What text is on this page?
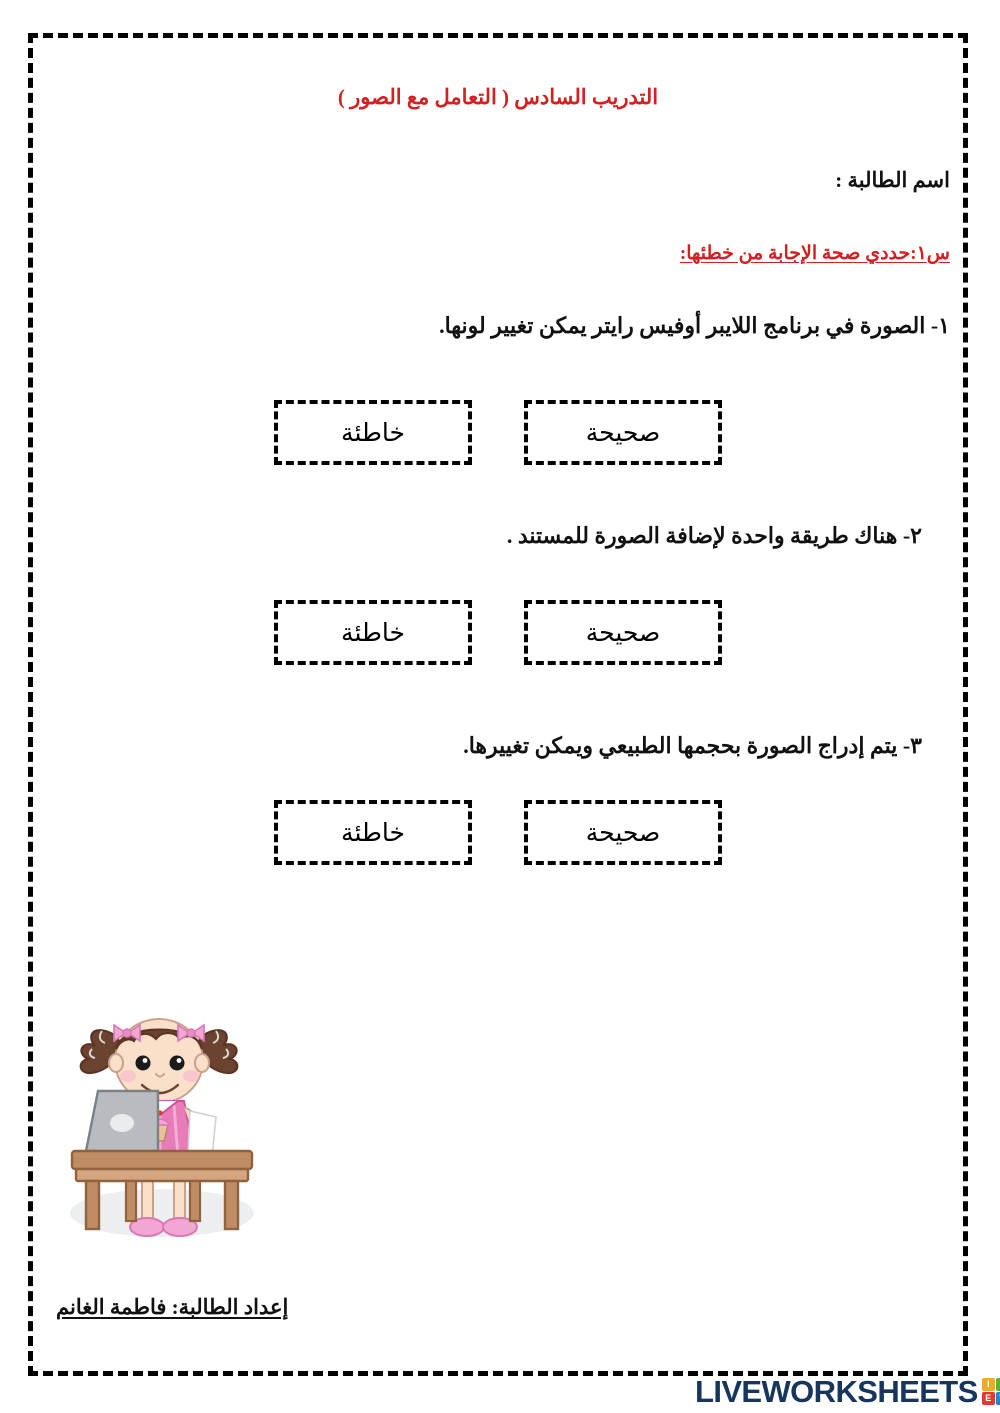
التدريب السادس ( التعامل مع الصور )
اسم الطالبة :
س١:حددي صحة الإجابة من خطئها:
١- الصورة في برنامج اللايبر أوفيس رايتر يمكن تغيير لونها.
صحيحة
خاطئة
٢- هناك طريقة واحدة لإضافة الصورة للمستند .
صحيحة
خاطئة
٣- يتم إدراج الصورة بحجمها الطبيعي ويمكن تغييرها.
صحيحة
خاطئة
إعداد الطالبة: فاطمة الغانم
I
E
LIVEWORKSHEETS
